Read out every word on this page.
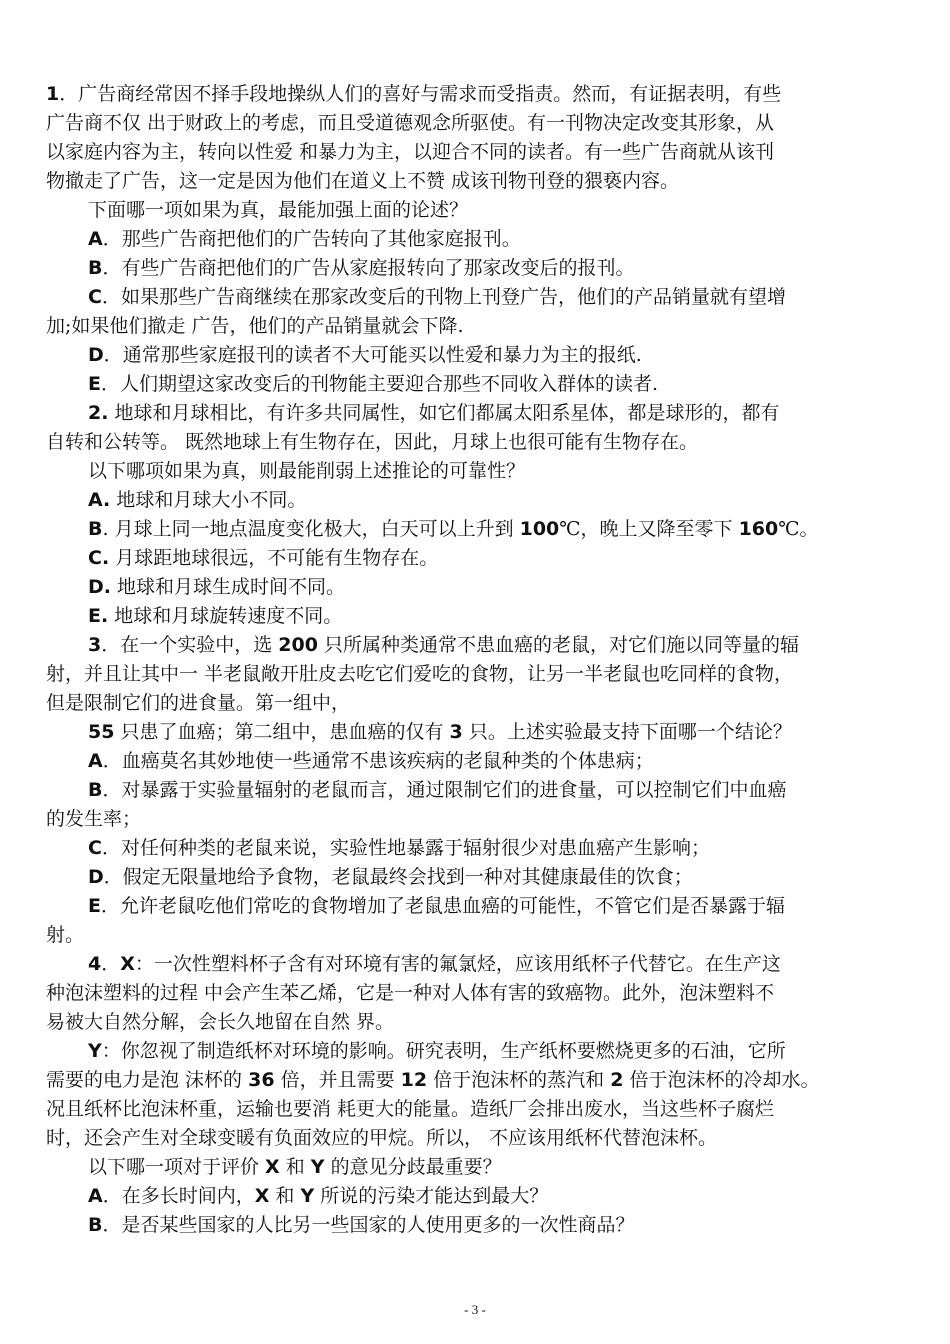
1．广告商经常因不择手段地操纵人们的喜好与需求而受指责。然而，有证据表明，有些
广告商不仅 出于财政上的考虑，而且受道德观念所驱使。有一刊物决定改变其形象，从
以家庭内容为主，转向以性爱 和暴力为主，以迎合不同的读者。有一些广告商就从该刊
物撤走了广告，这一定是因为他们在道义上不赞 成该刊物刊登的猥亵内容。

下面哪一项如果为真，最能加强上面的论述？

A．那些广告商把他们的广告转向了其他家庭报刊。

B．有些广告商把他们的广告从家庭报转向了那家改变后的报刊。

C．如果那些广告商继续在那家改变后的刊物上刊登广告，他们的产品销量就有望增
加;如果他们撤走 广告，他们的产品销量就会下降.

D．通常那些家庭报刊的读者不大可能买以性爱和暴力为主的报纸.

E．人们期望这家改变后的刊物能主要迎合那些不同收入群体的读者.

2. 地球和月球相比，有许多共同属性，如它们都属太阳系星体，都是球形的，都有
自转和公转等。 既然地球上有生物存在，因此，月球上也很可能有生物存在。

以下哪项如果为真，则最能削弱上述推论的可靠性？

A. 地球和月球大小不同。

B. 月球上同一地点温度变化极大，白天可以上升到 100℃，晚上又降至零下 160℃。

C. 月球距地球很远，不可能有生物存在。

D. 地球和月球生成时间不同。

E. 地球和月球旋转速度不同。

3．在一个实验中，选 200 只所属种类通常不患血癌的老鼠，对它们施以同等量的辐
射，并且让其中一 半老鼠敞开肚皮去吃它们爱吃的食物，让另一半老鼠也吃同样的食物，
但是限制它们的进食量。第一组中，
55 只患了血癌；第二组中，患血癌的仅有 3 只。上述实验最支持下面哪一个结论？

A．血癌莫名其妙地使一些通常不患该疾病的老鼠种类的个体患病；

B．对暴露于实验量辐射的老鼠而言，通过限制它们的进食量，可以控制它们中血癌
的发生率；

C．对任何种类的老鼠来说，实验性地暴露于辐射很少对患血癌产生影响；

D．假定无限量地给予食物，老鼠最终会找到一种对其健康最佳的饮食；

E．允许老鼠吃他们常吃的食物增加了老鼠患血癌的可能性，不管它们是否暴露于辐
射。

4．X：一次性塑料杯子含有对环境有害的氟氯烃，应该用纸杯子代替它。在生产这
种泡沫塑料的过程 中会产生苯乙烯，它是一种对人体有害的致癌物。此外，泡沫塑料不
易被大自然分解，会长久地留在自然 界。

Y：你忽视了制造纸杯对环境的影响。研究表明，生产纸杯要燃烧更多的石油，它所
需要的电力是泡 沫杯的 36 倍，并且需要 12 倍于泡沫杯的蒸汽和 2 倍于泡沫杯的冷却水。
况且纸杯比泡沫杯重，运输也要消 耗更大的能量。造纸厂会排出废水，当这些杯子腐烂
时，还会产生对全球变暖有负面效应的甲烷。所以， 不应该用纸杯代替泡沫杯。

以下哪一项对于评价 X 和 Y 的意见分歧最重要？

A．在多长时间内，X 和 Y 所说的污染才能达到最大？

B．是否某些国家的人比另一些国家的人使用更多的一次性商品？

- 3 -
